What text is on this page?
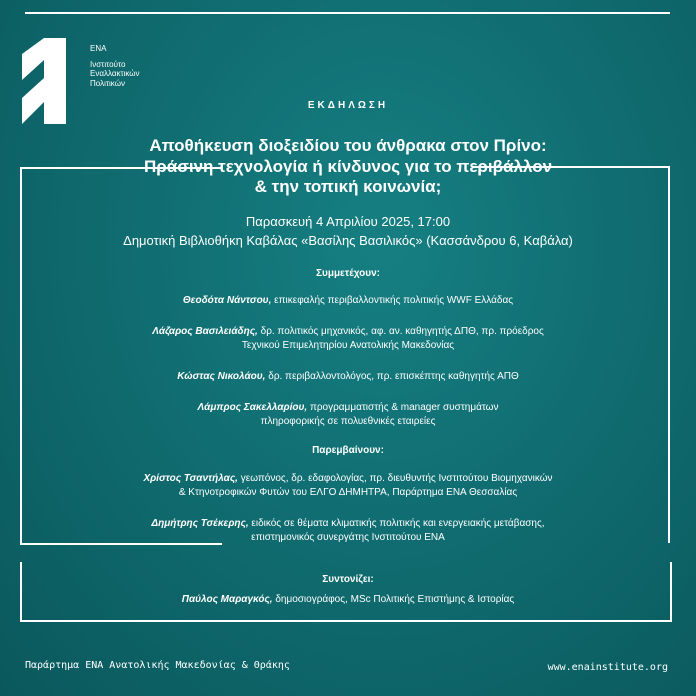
ΕΝΑ
Ινστιτούτο
Εναλλακτικών
Πολιτικών
ΕΚΔΗΛΩΣΗ
Αποθήκευση διοξειδίου του άνθρακα στον Πρίνο:
Πράσινη τεχνολογία ή κίνδυνος για το περιβάλλον
& την τοπική κοινωνία;
Παρασκευή 4 Απριλίου 2025, 17:00
Δημοτική Βιβλιοθήκη Καβάλας «Βασίλης Βασιλικός» (Κασσάνδρου 6, Καβάλα)
Συμμετέχουν:
Θεοδότα Νάντσου, επικεφαλής περιβαλλοντικής πολιτικής WWF Ελλάδας
Λάζαρος Βασιλειάδης, δρ. πολιτικός μηχανικός, αφ. αν. καθηγητής ΔΠΘ, πρ. πρόεδρος
Τεχνικού Επιμελητηρίου Ανατολικής Μακεδονίας
Κώστας Νικολάου, δρ. περιβαλλοντολόγος, πρ. επισκέπτης καθηγητής ΑΠΘ
Λάμπρος Σακελλαρίου, προγραμματιστής & manager συστημάτων
πληροφορικής σε πολυεθνικές εταιρείες
Παρεμβαίνουν:
Χρίστος Τσαντήλας, γεωπόνος, δρ. εδαφολογίας, πρ. διευθυντής Ινστιτούτου Βιομηχανικών
& Κτηνοτροφικών Φυτών του ΕΛΓΟ ΔΗΜΗΤΡΑ, Παράρτημα ΕΝΑ Θεσσαλίας
Δημήτρης Τσέκερης, ειδικός σε θέματα κλιματικής πολιτικής και ενεργειακής μετάβασης,
επιστημονικός συνεργάτης Ινστιτούτου ΕΝΑ
Συντονίζει:
Παύλος Μαραγκός, δημοσιογράφος, MSc Πολιτικής Επιστήμης & Ιστορίας
Παράρτημα ΕΝΑ Ανατολικής Μακεδονίας & Θράκης	www.enainstitute.org
